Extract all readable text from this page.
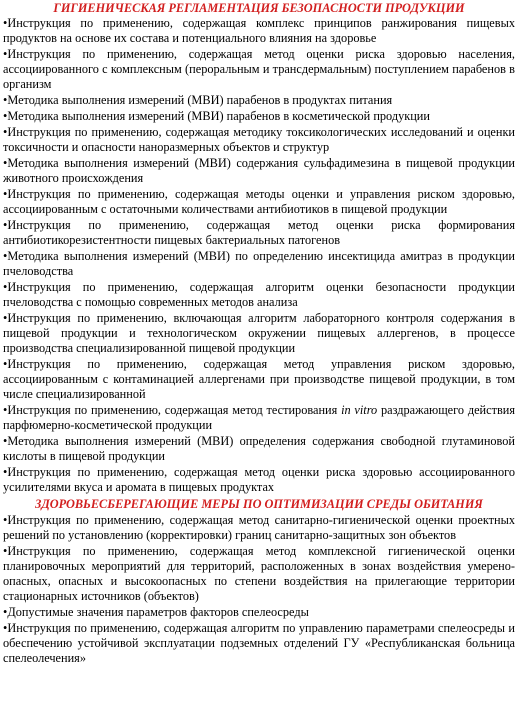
ГИГИЕНИЧЕСКАЯ РЕГЛАМЕНТАЦИЯ БЕЗОПАСНОСТИ ПРОДУКЦИИ

•Инструкция по применению, содержащая комплекс принципов ранжирования пищевых продуктов на основе их состава и потенциального влияния на здоровье

•Инструкция по применению, содержащая метод оценки риска здоровью населения, ассоциированного с комплексным (пероральным и трансдермальным) поступлением парабенов в организм

•Методика выполнения измерений (МВИ) парабенов в продуктах питания

•Методика выполнения измерений (МВИ) парабенов в косметической продукции

•Инструкция по применению, содержащая методику токсикологических исследований и оценки токсичности и опасности наноразмерных объектов и структур

•Методика выполнения измерений (МВИ) содержания сульфадимезина в пищевой продукции животного происхождения

•Инструкция по применению, содержащая методы оценки и управления риском здоровью, ассоциированным с остаточными количествами антибиотиков в пищевой продукции

•Инструкция по применению, содержащая метод оценки риска формирования антибиотикорезистентности пищевых бактериальных патогенов

•Методика выполнения измерений (МВИ) по определению инсектицида амитраз в продукции пчеловодства

•Инструкция по применению, содержащая алгоритм оценки безопасности продукции пчеловодства с помощью современных методов анализа

•Инструкция по применению, включающая алгоритм лабораторного контроля содержания в пищевой продукции и технологическом окружении пищевых аллергенов, в процессе производства специализированной пищевой продукции

•Инструкция по применению, содержащая метод управления риском здоровью, ассоциированным с контаминацией аллергенами при производстве пищевой продукции, в том числе специализированной

•Инструкция по применению, содержащая метод тестирования in vitro раздражающего действия парфюмерно-косметической продукции

•Методика выполнения измерений (МВИ) определения содержания свободной глутаминовой кислоты в пищевой продукции

•Инструкция по применению, содержащая метод оценки риска здоровью ассоциированного усилителями вкуса и аромата в пищевых продуктах

ЗДОРОВЬЕСБЕРЕГАЮЩИЕ МЕРЫ ПО ОПТИМИЗАЦИИ СРЕДЫ ОБИТАНИЯ

•Инструкция по применению, содержащая метод санитарно-гигиенической оценки проектных решений по установлению (корректировки) границ санитарно-защитных зон объектов

•Инструкция по применению, содержащая метод комплексной гигиенической оценки планировочных мероприятий для территорий, расположенных в зонах воздействия умерено-опасных, опасных и высокоопасных по степени воздействия на прилегающие территории стационарных источников (объектов)

•Допустимые значения параметров факторов спелеосреды

•Инструкция по применению, содержащая алгоритм по управлению параметрами спелеосреды и обеспечению устойчивой эксплуатации подземных отделений ГУ «Республиканская больница спелеолечения»
